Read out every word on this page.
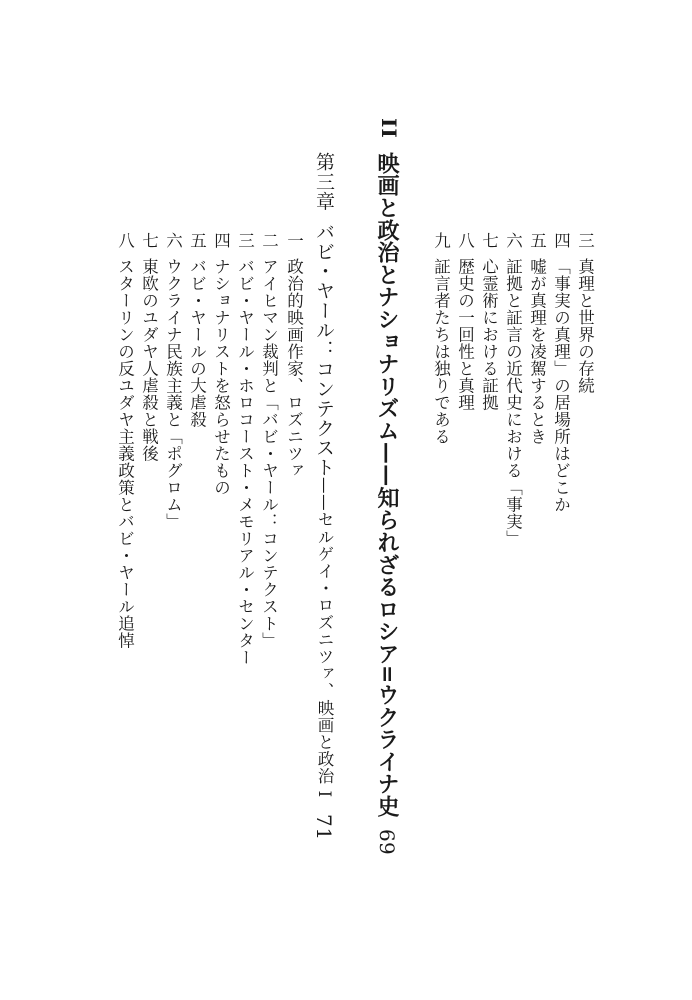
三真理と世界の存続
四「事実の真理」の居場所はどこか
五嘘が真理を凌駕するとき
六証拠と証言の近代史における「事実」
七心霊術における証拠
八歴史の一回性と真理
九証言者たちは独りである
II
映画と政治とナショナリズム——知られざるロシア=ウクライナ史69
第三章バビ・ヤール：コンテクスト——セルゲイ・ロズニツァ、映画と政治 I71
一政治的映画作家、ロズニツァ
二アイヒマン裁判と「バビ・ヤール：コンテクスト」
三バビ・ヤール・ホロコースト・メモリアル・センター
四ナショナリストを怒らせたもの
五バビ・ヤールの大虐殺
六ウクライナ民族主義と「ポグロム」
七東欧のユダヤ人虐殺と戦後
八スターリンの反ユダヤ主義政策とバビ・ヤール追悼
